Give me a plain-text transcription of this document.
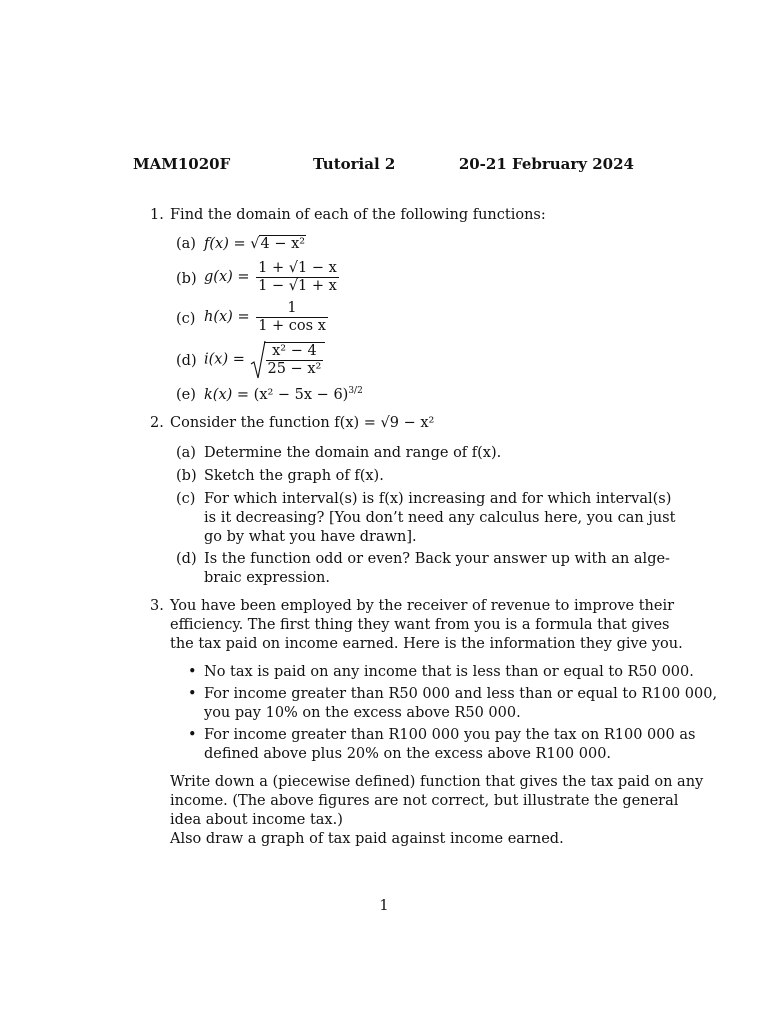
MAM1020F	Tutorial 2	20-21 February 2024
1. Find the domain of each of the following functions:
(a) f(x) = √4 − x²
(b) $g(x) = \frac{1 + √1 - x}{1 - √1 + x}$
(c) $h(x) = \frac{1}{\text{1 + cos x}}$
(d) $i(x) = \frac{\text{x² − 4}}{\text{25 − x²}}$
(e) $k(x) = (x^2 - 5x - 6)^{3/2}$
2. Consider the function f(x) = √9 − x²
(a) Determine the domain and range of f(x).
(b) Sketch the graph of f(x).
(c) For which interval(s) is f(x) increasing and for which interval(s)
is it decreasing? [You don’t need any calculus here, you can just
go by what you have drawn].
(d) Is the function odd or even? Back your answer up with an alge-
braic expression.
3. You have been employed by the receiver of revenue to improve their
efficiency. The first thing they want from you is a formula that gives
the tax paid on income earned. Here is the information they give you.
• No tax is paid on any income that is less than or equal to R50 000.
• For income greater than R50 000 and less than or equal to R100 000,
you pay 10% on the excess above R50 000.
• For income greater than R100 000 you pay the tax on R100 000 as
defined above plus 20% on the excess above R100 000.
Write down a (piecewise defined) function that gives the tax paid on any
income. (The above figures are not correct, but illustrate the general
idea about income tax.)
Also draw a graph of tax paid against income earned.
1
